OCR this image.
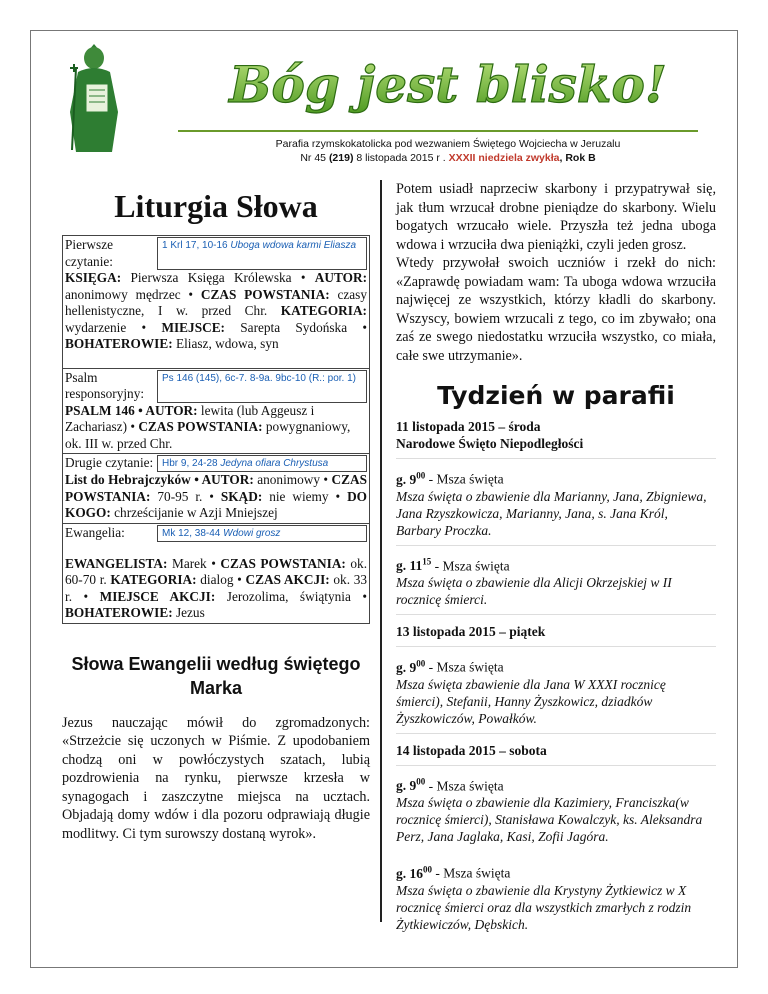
Bóg jest blisko!
Parafia rzymskokatolicka pod wezwaniem Świętego Wojciecha w Jeruzalu
Nr 45 (219) 8 listopada 2015 r . XXXII niedziela zwykła, Rok B
Liturgia Słowa
Pierwsze czytanie:
1 Krl 17, 10-16 Uboga wdowa karmi Eliasza
KSIĘGA: Pierwsza Księga Królewska • AUTOR: anonimowy mędrzec • CZAS POWSTANIA: czasy hellenistyczne, I w. przed Chr. KATEGORIA: wydarzenie • MIEJSCE: Sarepta Sydońska • BOHATEROWIE: Eliasz, wdowa, syn
Psalm responsoryjny:
Ps 146 (145), 6c-7. 8-9a. 9bc-10 (R.: por. 1)
PSALM 146 • AUTOR: lewita (lub Aggeusz i Zachariasz) • CZAS POWSTANIA: powygnaniowy, ok. III w. przed Chr.
Drugie czytanie: Hbr 9, 24-28 Jedyna ofiara Chrystusa
List do Hebrajczyków • AUTOR: anonimowy • CZAS POWSTANIA: 70-95 r. • SKĄD: nie wiemy • DO KOGO: chrześcijanie w Azji Mniejszej
Ewangelia:	Mk 12, 38-44 Wdowi grosz
EWANGELISTA: Marek • CZAS POWSTANIA: ok. 60-70 r. KATEGORIA: dialog • CZAS AKCJI: ok. 33 r. • MIEJSCE AKCJI: Jerozolima, świątynia • BOHATEROWIE: Jezus
Słowa Ewangelii według świętego Marka
Jezus nauczając mówił do zgromadzonych: «Strzeżcie się uczonych w Piśmie. Z upodobaniem chodzą oni w powłóczystych szatach, lubią pozdrowienia na rynku, pierwsze krzesła w synagogach i zaszczytne miejsca na ucztach. Objadają domy wdów i dla pozoru odprawiają długie modlitwy. Ci tym surowszy dostaną wyrok».
Potem usiadł naprzeciw skarbony i przypatrywał się, jak tłum wrzucał drobne pieniądze do skarbony. Wielu bogatych wrzucało wiele. Przyszła też jedna uboga wdowa i wrzuciła dwa pieniążki, czyli jeden grosz.
Wtedy przywołał swoich uczniów i rzekł do nich: «Zaprawdę powiadam wam: Ta uboga wdowa wrzuciła najwięcej ze wszystkich, którzy kładli do skarbony. Wszyscy, bowiem wrzucali z tego, co im zbywało; ona zaś ze swego niedostatku wrzuciła wszystko, co miała, całe swe utrzymanie».
Tydzień w parafii
11 listopada 2015 – środa
Narodowe Święto Niepodległości
g. $9^{00}$ - Msza święta
Msza święta o zbawienie dla Marianny, Jana, Zbigniewa, Jana Rzyszkowicza, Marianny, Jana, s. Jana Król, Barbary Proczka.
g. $11^{15}$ - Msza święta
Msza święta o zbawienie dla Alicji Okrzejskiej w II rocznicę śmierci.
13 listopada 2015 – piątek
g. $9^{00}$ - Msza święta
Msza święta zbawienie dla Jana W XXXI rocznicę śmierci), Stefanii, Hanny Żyszkowicz, dziadków Żyszkowiczów, Powałków.
14 listopada 2015 – sobota
g. $9^{00}$ - Msza święta
Msza święta o zbawienie dla Kazimiery, Franciszka(w rocznicę śmierci), Stanisława Kowalczyk, ks. Aleksandra Perz, Jana Jaglaka, Kasi, Zofii Jagóra.
g. $16^{00}$ - Msza święta
Msza święta o zbawienie dla Krystyny Żytkiewicz w X rocznicę śmierci oraz dla wszystkich zmarłych z rodzin Żytkiewiczów, Dębskich.
